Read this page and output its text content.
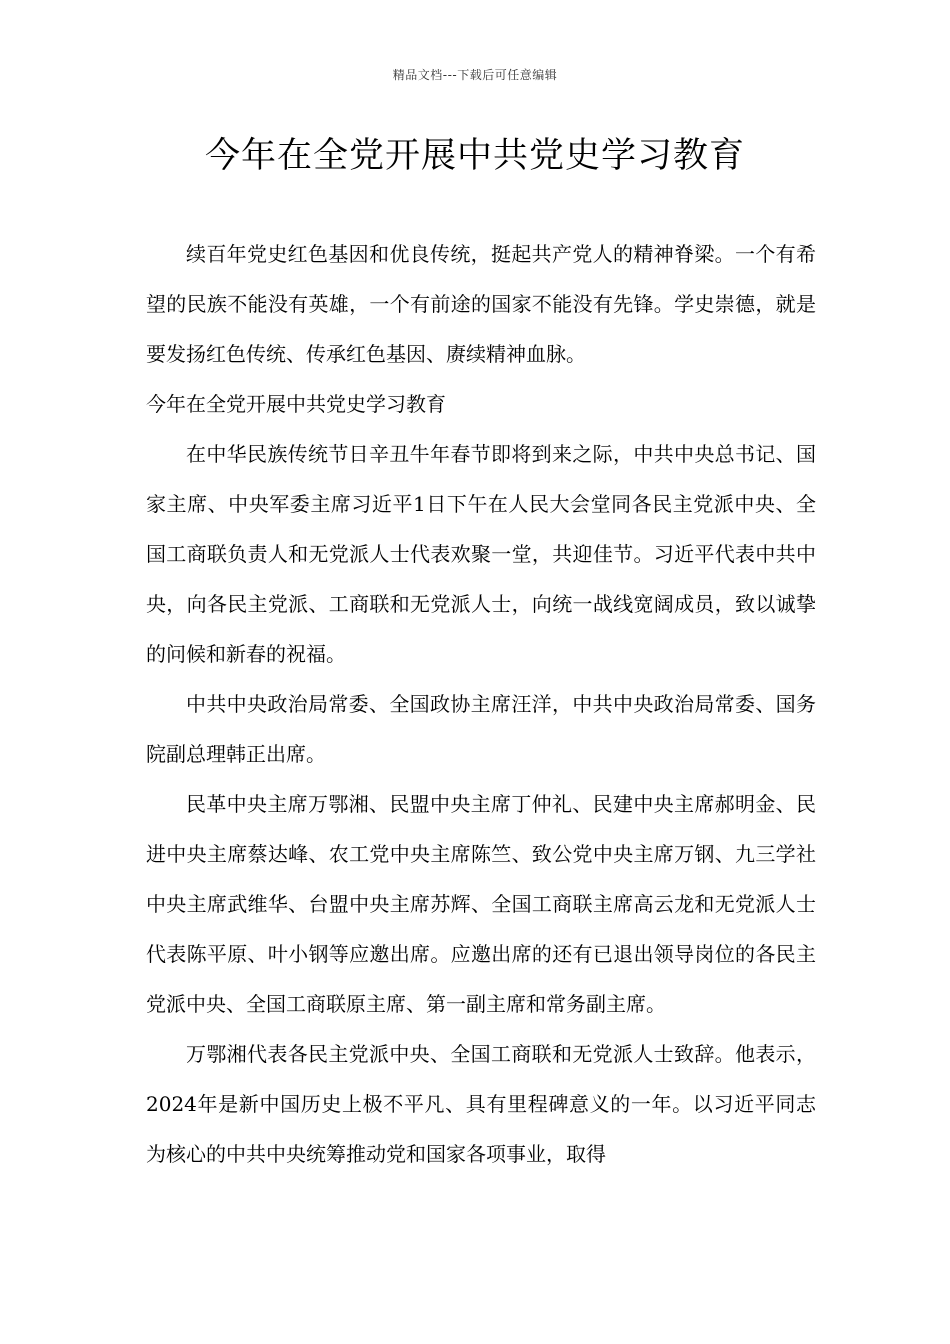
精品文档---下载后可任意编辑
今年在全党开展中共党史学习教育

续百年党史红色基因和优良传统，挺起共产党人的精神脊梁。一个有希望的民族不能没有英雄，一个有前途的国家不能没有先锋。学史崇德，就是要发扬红色传统、传承红色基因、赓续精神血脉。

今年在全党开展中共党史学习教育

在中华民族传统节日辛丑牛年春节即将到来之际，中共中央总书记、国家主席、中央军委主席习近平1日下午在人民大会堂同各民主党派中央、全国工商联负责人和无党派人士代表欢聚一堂，共迎佳节。习近平代表中共中央，向各民主党派、工商联和无党派人士，向统一战线宽阔成员，致以诚挚的问候和新春的祝福。

中共中央政治局常委、全国政协主席汪洋，中共中央政治局常委、国务院副总理韩正出席。

民革中央主席万鄂湘、民盟中央主席丁仲礼、民建中央主席郝明金、民进中央主席蔡达峰、农工党中央主席陈竺、致公党中央主席万钢、九三学社中央主席武维华、台盟中央主席苏辉、全国工商联主席高云龙和无党派人士代表陈平原、叶小钢等应邀出席。应邀出席的还有已退出领导岗位的各民主党派中央、全国工商联原主席、第一副主席和常务副主席。

万鄂湘代表各民主党派中央、全国工商联和无党派人士致辞。他表示，2024年是新中国历史上极不平凡、具有里程碑意义的一年。以习近平同志为核心的中共中央统筹推动党和国家各项事业，取得
